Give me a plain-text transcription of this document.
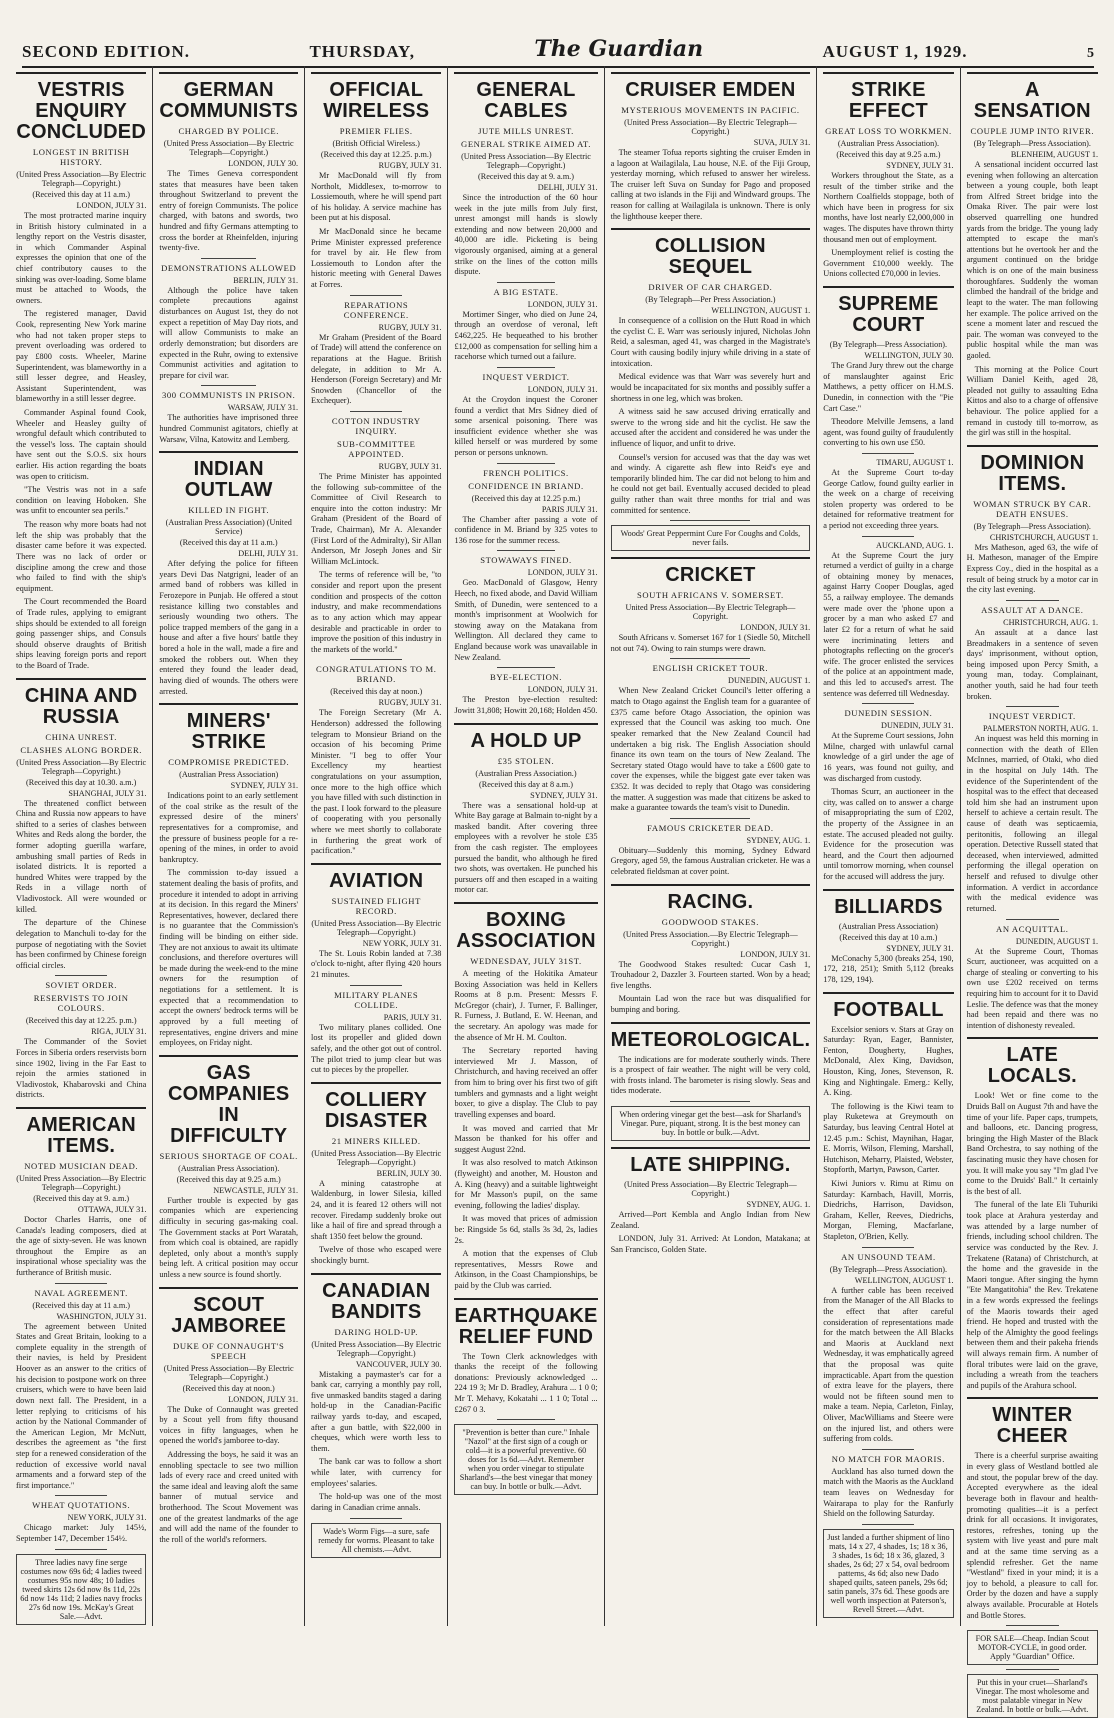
SECOND EDITION.	THURSDAY,	The Guardian	AUGUST 1, 1929.	5
VESTRIS ENQUIRY CONCLUDED
LONGEST IN BRITISH HISTORY.
(United Press Association—By Electric Telegraph—Copyright.)
(Received this day at 11 a.m.)
LONDON, JULY 31.

The most protracted marine inquiry in British history culminated in a lengthy report on the Vestris disaster, in which Commander Aspinal expresses the opinion that one of the chief contributory causes to the sinking was over-loading. Some blame must be attached to Woods, the owners.

The registered manager, David Cook, representing New York marine who had not taken proper steps to prevent overloading was ordered to pay £800 costs. Wheeler, Marine Superintendent, was blameworthy in a still lesser degree, and Heasley, Assistant Superintendent, was blameworthy in a still lesser degree.

Commander Aspinal found Cook, Wheeler and Heasley guilty of wrongful default which contributed to the vessel's loss. The captain should have sent out the S.O.S. six hours earlier. His action regarding the boats was open to criticism.

"The Vestris was not in a safe condition on leaving Hoboken. She was unfit to encounter sea perils."

The reason why more boats had not left the ship was probably that the disaster came before it was expected. There was no lack of order or discipline among the crew and those who failed to find with the ship's equipment.

The Court recommended the Board of Trade rules, applying to emigrant ships should be extended to all foreign going passenger ships, and Consuls should observe draughts of British ships leaving foreign ports and report to the Board of Trade.

CHINA AND RUSSIA
CHINA UNREST.
CLASHES ALONG BORDER.
(United Press Association—By Electric Telegraph—Copyright.)
(Received this day at 10.30. a.m.)
SHANGHAI, JULY 31.

The threatened conflict between China and Russia now appears to have shifted to a series of clashes between Whites and Reds along the border, the former adopting guerilla warfare, ambushing small parties of Reds in isolated districts. It is reported a hundred Whites were trapped by the Reds in a village north of Vladivostock. All were wounded or killed.

The departure of the Chinese delegation to Manchuli to-day for the purpose of negotiating with the Soviet has been confirmed by Chinese foreign official circles.

SOVIET ORDER.
RESERVISTS TO JOIN COLOURS.
(Received this day at 12.25. p.m.)
RIGA, JULY 31.

The Commander of the Soviet Forces in Siberia orders reservists born since 1902, living in the Far East to rejoin the armies stationed in Vladivostok, Khabarovski and China districts.

AMERICAN ITEMS.
NOTED MUSICIAN DEAD.
(United Press Association—By Electric Telegraph—Copyright.)
(Received this day at 9. a.m.)
OTTAWA, JULY 31.

Doctor Charles Harris, one of Canada's leading composers, died at the age of sixty-seven. He was known throughout the Empire as an inspirational whose speciality was the furtherance of British music.

NAVAL AGREEMENT.
(Received this day at 11 a.m.)
WASHINGTON, JULY 31.

The agreement between United States and Great Britain, looking to a complete equality in the strength of their navies, is held by President Hoover as an answer to the critics of his decision to postpone work on three cruisers, which were to have been laid down next fall. The President, in a letter replying to criticisms of his action by the National Commander of the American Legion, Mr McNutt, describes the agreement as "the first step for a renewed consideration of the reduction of excessive world naval armaments and a forward step of the first importance."

WHEAT QUOTATIONS.
NEW YORK, JULY 31.

Chicago market: July 145½, September 147, December 154½.

Three ladies navy fine serge costumes now 69s 6d; 4 ladies tweed costumes 95s now 48s; 10 ladies tweed skirts 12s 6d now 8s 11d, 22s 6d now 14s 11d; 2 ladies navy frocks 27s 6d now 19s. McKay's Great Sale.—Advt.
GERMAN COMMUNISTS
CHARGED BY POLICE.
(United Press Association—By Electric Telegraph—Copyright.)
LONDON, JULY 30.

The Times Geneva correspondent states that measures have been taken throughout Switzerland to prevent the entry of foreign Communists. The police charged, with batons and swords, two hundred and fifty Germans attempting to cross the border at Rheinfelden, injuring twenty-five.

DEMONSTRATIONS ALLOWED
BERLIN, JULY 31.

Although the police have taken complete precautions against disturbances on August 1st, they do not expect a repetition of May Day riots, and will allow Communists to make an orderly demonstration; but disorders are expected in the Ruhr, owing to extensive Communist activities and agitation to prepare for civil war.

300 COMMUNISTS IN PRISON.
WARSAW, JULY 31.

The authorities have imprisoned three hundred Communist agitators, chiefly at Warsaw, Vilna, Katowitz and Lemberg.

INDIAN OUTLAW
KILLED IN FIGHT.
(Australian Press Association) (United Service)
(Received this day at 11 a.m.)
DELHI, JULY 31.

After defying the police for fifteen years Devi Das Natgrigni, leader of an armed band of robbers was killed in Ferozepore in Punjab. He offered a stout resistance killing two constables and seriously wounding two others. The police trapped members of the gang in a house and after a five hours' battle they bored a hole in the wall, made a fire and smoked the robbers out. When they entered they found the leader dead, having died of wounds. The others were arrested.

MINERS' STRIKE
COMPROMISE PREDICTED.
(Australian Press Association)
SYDNEY, JULY 31.

Indications point to an early settlement of the coal strike as the result of the expressed desire of the miners' representatives for a compromise, and the pressure of business people for a re-opening of the mines, in order to avoid bankruptcy.

The commission to-day issued a statement dealing the basis of profits, and procedure it intended to adopt in arriving at its decision. In this regard the Miners' Representatives, however, declared there is no guarantee that the Commission's finding will be binding on either side. They are not anxious to await its ultimate conclusions, and therefore overtures will be made during the week-end to the mine owners for the resumption of negotiations for a settlement. It is expected that a recommendation to accept the owners' bedrock terms will be approved by a full meeting of representatives, engine drivers and mine employees, on Friday night.

GAS COMPANIES IN DIFFICULTY
SERIOUS SHORTAGE OF COAL.
(Australian Press Association).
(Received this day at 9.25 a.m.)
NEWCASTLE, JULY 31.

Further trouble is expected by gas companies which are experiencing difficulty in securing gas-making coal. The Government stacks at Port Waratah, from which coal is obtained, are rapidly depleted, only about a month's supply being left. A critical position may occur unless a new source is found shortly.

SCOUT JAMBOREE
DUKE OF CONNAUGHT'S SPEECH
(United Press Association—By Electric Telegraph—Copyright.)
(Received this day at noon.)
LONDON, JULY 31.

The Duke of Connaught was greeted by a Scout yell from fifty thousand voices in fifty languages, when he opened the world's jamboree to-day.

Addressing the boys, he said it was an ennobling spectacle to see two million lads of every race and creed united with the same ideal and leaving aloft the same banner of mutual service and brotherhood. The Scout Movement was one of the greatest landmarks of the age and will add the name of the founder to the roll of the world's reformers.

OFFICIAL WIRELESS
PREMIER FLIES.
(British Official Wireless.)
(Received this day at 12.25. p.m.)
RUGBY, JULY 31.

Mr MacDonald will fly from Northolt, Middlesex, to-morrow to Lossiemouth, where he will spend part of his holiday. A service machine has been put at his disposal.

Mr MacDonald since he became Prime Minister expressed preference for travel by air. He flew from Lossiemouth to London after the historic meeting with General Dawes at Forres.

REPARATIONS CONFERENCE.
RUGBY, JULY 31.

Mr Graham (President of the Board of Trade) will attend the conference on reparations at the Hague. British delegate, in addition to Mr A. Henderson (Foreign Secretary) and Mr Snowden (Chancellor of the Exchequer).

COTTON INDUSTRY INQUIRY.
SUB-COMMITTEE APPOINTED.
RUGBY, JULY 31.

The Prime Minister has appointed the following sub-committee of the Committee of Civil Research to enquire into the cotton industry: Mr Graham (President of the Board of Trade, Chairman), Mr A. Alexander (First Lord of the Admiralty), Sir Allan Anderson, Mr Joseph Jones and Sir William McLintock.

The terms of reference will be, "to consider and report upon the present condition and prospects of the cotton industry, and make recommendations as to any action which may appear desirable and practicable in order to improve the position of this industry in the markets of the world."

CONGRATULATIONS TO M. BRIAND.
(Received this day at noon.)
RUGBY, JULY 31.

The Foreign Secretary (Mr A. Henderson) addressed the following telegram to Monsieur Briand on the occasion of his becoming Prime Minister. "I beg to offer Your Excellency my heartiest congratulations on your assumption, once more to the high office which you have filled with such distinction in the past. I look forward to the pleasure of cooperating with you personally where we meet shortly to collaborate in furthering the great work of pacification."

AVIATION
SUSTAINED FLIGHT RECORD.
(United Press Association—By Electric Telegraph—Copyright.)
NEW YORK, JULY 31.

The St. Louis Robin landed at 7.38 o'clock to-night, after flying 420 hours 21 minutes.

MILITARY PLANES COLLIDE.
PARIS, JULY 31.

Two military planes collided. One lost its propeller and glided down safely, and the other got out of control. The pilot tried to jump clear but was cut to pieces by the propeller.

COLLIERY DISASTER
21 MINERS KILLED.
(United Press Association—By Electric Telegraph—Copyright.)
BERLIN, JULY 30.

A mining catastrophe at Waldenburg, in lower Silesia, killed 24, and it is feared 12 others will not recover. Firedamp suddenly broke out like a hail of fire and spread through a shaft 1350 feet below the ground.

Twelve of those who escaped were shockingly burnt.

CANADIAN BANDITS
DARING HOLD-UP.
(United Press Association—By Electric Telegraph—Copyright.)
VANCOUVER, JULY 30.

Mistaking a paymaster's car for a bank car, carrying a monthly pay roll, five unmasked bandits staged a daring hold-up in the Canadian-Pacific railway yards to-day, and escaped, after a gun battle, with $22,000 in cheques, which were worth less to them.

The bank car was to follow a short while later, with currency for employees' salaries.

The hold-up was one of the most daring in Canadian crime annals.

Wade's Worm Figs—a sure, safe remedy for worms. Pleasant to take All chemists.—Advt.
GENERAL CABLES
JUTE MILLS UNREST.
GENERAL STRIKE AIMED AT.
(United Press Association—By Electric Telegraph—Copyright.)
(Received this day at 9. a.m.)
DELHI, JULY 31.

Since the introduction of the 60 hour week in the jute mills from July first, unrest amongst mill hands is slowly extending and now between 20,000 and 40,000 are idle. Picketing is being vigorously organised, aiming at a general strike on the lines of the cotton mills dispute.

A BIG ESTATE.
LONDON, JULY 31.

Mortimer Singer, who died on June 24, through an overdose of veronal, left £462,225. He bequeathed to his brother £12,000 as compensation for selling him a racehorse which turned out a failure.

INQUEST VERDICT.
LONDON, JULY 31.

At the Croydon inquest the Coroner found a verdict that Mrs Sidney died of some arsenical poisoning. There was insufficient evidence whether she was killed herself or was murdered by some person or persons unknown.

FRENCH POLITICS.
CONFIDENCE IN BRIAND.
(Received this day at 12.25 p.m.)
PARIS JULY 31.

The Chamber after passing a vote of confidence in M. Briand by 325 votes to 136 rose for the summer recess.

STOWAWAYS FINED.
LONDON, JULY 31.

Geo. MacDonald of Glasgow, Henry Heech, no fixed abode, and David William Smith, of Dunedin, were sentenced to a month's imprisonment at Woolwich for stowing away on the Matakana from Wellington. All declared they came to England because work was unavailable in New Zealand.

BYE-ELECTION.
LONDON, JULY 31.

The Preston bye-election resulted: Jowitt 31,808; Howitt 20,168; Holden 450.

A HOLD UP
£35 STOLEN.
(Australian Press Association.)
(Received this day at 8 a.m.)
SYDNEY, JULY 31.

There was a sensational hold-up at White Bay garage at Balmain to-night by a masked bandit. After covering three employees with a revolver he stole £35 from the cash register. The employees pursued the bandit, who although he fired two shots, was overtaken. He punched his pursuers off and then escaped in a waiting motor car.

BOXING ASSOCIATION
WEDNESDAY, JULY 31ST.

A meeting of the Hokitika Amateur Boxing Association was held in Kellers Rooms at 8 p.m. Present: Messrs F. McGregor (chair), J. Turner, F. Ballinger, R. Furness, J. Butland, E. W. Heenan, and the secretary. An apology was made for the absence of Mr H. M. Coulton.

The Secretary reported having interviewed Mr J. Masson, of Christchurch, and having received an offer from him to bring over his first two of gift tumblers and gymnasts and a light weight boxer, to give a display. The Club to pay travelling expenses and board.

It was moved and carried that Mr Masson be thanked for his offer and suggest August 22nd.

It was also resolved to match Atkinson (flyweight) and another, M. Houston and A. King (heavy) and a suitable lightweight for Mr Masson's pupil, on the same evening, following the ladies' display.

It was moved that prices of admission be: Ringside 5s 6d, stalls 3s 3d, 2s, ladies 2s.

A motion that the expenses of Club representatives, Messrs Rowe and Atkinson, in the Coast Championships, be paid by the Club was carried.

EARTHQUAKE RELIEF FUND

The Town Clerk acknowledges with thanks the receipt of the following donations: Previously acknowledged ... 224 19 3; Mr D. Bradley, Arahura ... 1 0 0; Mr T. Mehavy, Kokatahi ... 1 1 0; Total ... £267 0 3.

"Prevention is better than cure." Inhale "Nazol" at the first sign of a cough or cold—it is a powerful preventive. 60 doses for 1s 6d.—Advt. Remember when you order vinegar to stipulate Sharland's—the best vinegar that money can buy. In bottle or bulk.—Advt.
CRUISER EMDEN
MYSTERIOUS MOVEMENTS IN PACIFIC.
(United Press Association—By Electric Telegraph—Copyright.)
SUVA, JULY 31.

The steamer Tofua reports sighting the cruiser Emden in a lagoon at Wailagilala, Lau house, N.E. of the Fiji Group, yesterday morning, which refused to answer her wireless. The cruiser left Suva on Sunday for Pago and proposed calling at two islands in the Fiji and Windward groups. The reason for calling at Wailagilala is unknown. There is only the lighthouse keeper there.

COLLISION SEQUEL
DRIVER OF CAR CHARGED.
(By Telegraph—Per Press Association.)
WELLINGTON, AUGUST 1.

In consequence of a collision on the Hutt Road in which the cyclist C. E. Warr was seriously injured, Nicholas John Reid, a salesman, aged 41, was charged in the Magistrate's Court with causing bodily injury while driving in a state of intoxication.

Medical evidence was that Warr was severely hurt and would be incapacitated for six months and possibly suffer a shortness in one leg, which was broken.

A witness said he saw accused driving erratically and swerve to the wrong side and hit the cyclist. He saw the accused after the accident and considered he was under the influence of liquor, and unfit to drive.

Counsel's version for accused was that the day was wet and windy. A cigarette ash flew into Reid's eye and temporarily blinded him. The car did not belong to him and he could not get bail. Eventually accused decided to plead guilty rather than wait three months for trial and was committed for sentence.

Woods' Great Peppermint Cure For Coughs and Colds, never fails.
CRICKET
SOUTH AFRICANS V. SOMERSET.
United Press Association—By Electric Telegraph—Copyright.
LONDON, JULY 31.

South Africans v. Somerset 167 for 1 (Siedle 50, Mitchell not out 74). Owing to rain stumps were drawn.

ENGLISH CRICKET TOUR.
DUNEDIN, AUGUST 1.

When New Zealand Cricket Council's letter offering a match to Otago against the English team for a guarantee of £375 came before Otago Association, the opinion was expressed that the Council was asking too much. One speaker remarked that the New Zealand Council had undertaken a big risk. The English Association should finance its own team on the tours of New Zealand. The Secretary stated Otago would have to take a £600 gate to cover the expenses, while the biggest gate ever taken was £352. It was decided to reply that Otago was considering the matter. A suggestion was made that citizens be asked to make a guarantee towards the team's visit to Dunedin.

FAMOUS CRICKETER DEAD.
SYDNEY, AUG. 1.

Obituary—Suddenly this morning, Sydney Edward Gregory, aged 59, the famous Australian cricketer. He was a celebrated fieldsman at cover point.

RACING.
GOODWOOD STAKES.
(United Press Association.—By Electric Telegraph—Copyright.)
LONDON, JULY 31.

The Goodwood Stakes resulted: Cucar Cash 1, Trouhadour 2, Dazzler 3. Fourteen started. Won by a head; five lengths.

Mountain Lad won the race but was disqualified for bumping and boring.

METEOROLOGICAL.

The indications are for moderate southerly winds. There is a prospect of fair weather. The night will be very cold, with frosts inland. The barometer is rising slowly. Seas and tides moderate.

When ordering vinegar get the best—ask for Sharland's Vinegar. Pure, piquant, strong. It is the best money can buy. In bottle or bulk.—Advt.
LATE SHIPPING.
(United Press Association—By Electric Telegraph—Copyright.)
SYDNEY, AUG. 1.

Arrived—Port Kembla and Anglo Indian from New Zealand.

LONDON, July 31. Arrived: At London, Matakana; at San Francisco, Golden State.

STRIKE EFFECT
GREAT LOSS TO WORKMEN.
(Australian Press Association).
(Received this day at 9.25 a.m.)
SYDNEY, JULY 31.

Workers throughout the State, as a result of the timber strike and the Northern Coalfields stoppage, both of which have been in progress for six months, have lost nearly £2,000,000 in wages. The disputes have thrown thirty thousand men out of employment.

Unemployment relief is costing the Government £10,000 weekly. The Unions collected £70,000 in levies.

SUPREME COURT
(By Telegraph—Press Association).
WELLINGTON, JULY 30.

The Grand Jury threw out the charge of manslaughter against Eric Matthews, a petty officer on H.M.S. Dunedin, in connection with the "Pie Cart Case."

Theodore Melville Jemsens, a land agent, was found guilty of fraudulently converting to his own use £50.

TIMARU, AUGUST 1.

At the Supreme Court to-day George Catlow, found guilty earlier in the week on a charge of receiving stolen property was ordered to be detained for reformative treatment for a period not exceeding three years.

AUCKLAND, AUG. 1.

At the Supreme Court the jury returned a verdict of guilty in a charge of obtaining money by menaces, against Harry Cooper Douglas, aged 55, a railway employee. The demands were made over the 'phone upon a grocer by a man who asked £7 and later £2 for a return of what he said were incriminating letters and photographs reflecting on the grocer's wife. The grocer enlisted the services of the police at an appointment made, and this led to accused's arrest. The sentence was deferred till Wednesday.

DUNEDIN SESSION.
DUNEDIN, JULY 31.

At the Supreme Court sessions, John Milne, charged with unlawful carnal knowledge of a girl under the age of 16 years, was found not guilty, and was discharged from custody.

Thomas Scurr, an auctioneer in the city, was called on to answer a charge of misappropriating the sum of £202, the property of the Assignee in an estate. The accused pleaded not guilty. Evidence for the prosecution was heard, and the Court then adjourned until tomorrow morning, when counsel for the accused will address the jury.

BILLIARDS
(Australian Press Association)
(Received this day at 10 a.m.)
SYDNEY, JULY 31.

McConachy 5,300 (breaks 254, 190, 172, 218, 251); Smith 5,112 (breaks 178, 129, 194).

FOOTBALL

Excelsior seniors v. Stars at Gray on Saturday: Ryan, Eager, Bannister, Fenton, Dougherty, Hughes, McDonald, Alex King, Davidson, Houston, King, Jones, Stevenson, R. King and Nightingale. Emerg.: Kelly, A. King.

The following is the Kiwi team to play Ruketewa at Greymouth on Saturday, bus leaving Central Hotel at 12.45 p.m.: Schist, Maynihan, Hagar, E. Morris, Wilson, Fleming, Marshall, Hutchison, Meharry, Plaisted, Webster, Stopforth, Martyn, Pawson, Carter.

Kiwi Juniors v. Rimu at Rimu on Saturday: Karnbach, Havill, Morris, Diedrichs, Harrison, Davidson, Graham, Keller, Reeves, Diedrichs, Morgan, Fleming, Macfarlane, Stapleton, O'Brien, Kelly.

AN UNSOUND TEAM.
(By Telegraph—Press Association).
WELLINGTON, AUGUST 1.

A further cable has been received from the Manager of the All Blacks to the effect that after careful consideration of representations made for the match between the All Blacks and Maoris at Auckland next Wednesday, it was emphatically agreed that the proposal was quite impracticable. Apart from the question of extra leave for the players, there would not be fifteen sound men to make a team. Nepia, Carleton, Finlay, Oliver, MacWilliams and Steere were on the injured list, and others were suffering from colds.

NO MATCH FOR MAORIS.

Auckland has also turned down the match with the Maoris as the Auckland team leaves on Wednesday for Wairarapa to play for the Ranfurly Shield on the following Saturday.

Just landed a further shipment of lino mats, 14 x 27, 4 shades, 1s; 18 x 36, 3 shades, 1s 6d; 18 x 36, glazed, 3 shades, 2s 6d; 27 x 54, oval bedroom patterns, 4s 6d; also new Dado shaped quilts, sateen panels, 29s 6d; satin panels, 37s 6d. These goods are well worth inspection at Paterson's, Revell Street.—Advt.
A SENSATION
COUPLE JUMP INTO RIVER.
(By Telegraph—Press Association).
BLENHEIM, AUGUST 1.

A sensational incident occurred last evening when following an altercation between a young couple, both leapt from Alfred Street bridge into the Omaka River. The pair were lost observed quarrelling one hundred yards from the bridge. The young lady attempted to escape the man's attentions but he overtook her and the argument continued on the bridge which is on one of the main business thoroughfares. Suddenly the woman climbed the handrail of the bridge and leapt to the water. The man following her example. The police arrived on the scene a moment later and rescued the pair. The woman was conveyed to the public hospital while the man was gaoled.

This morning at the Police Court William Daniel Keith, aged 28, pleaded not guilty to assaulting Edna Kittos and also to a charge of offensive behaviour. The police applied for a remand in custody till to-morrow, as the girl was still in the hospital.

DOMINION ITEMS.
WOMAN STRUCK BY CAR. DEATH ENSUES.
(By Telegraph—Press Association).
CHRISTCHURCH, AUGUST 1.

Mrs Matheson, aged 63, the wife of H. Matheson, manager of the Empire Express Coy., died in the hospital as a result of being struck by a motor car in the city last evening.

ASSAULT AT A DANCE.
CHRISTCHURCH, AUG. 1.

An assault at a dance last Breadmakers in a sentence of seven days' imprisonment, without option, being imposed upon Percy Smith, a young man, today. Complainant, another youth, said he had four teeth broken.

INQUEST VERDICT.
PALMERSTON NORTH, AUG. 1.

An inquest was held this morning in connection with the death of Ellen McInnes, married, of Otaki, who died in the hospital on July 14th. The evidence of the Superintendent of the hospital was to the effect that deceased told him she had an instrument upon herself to achieve a certain result. The cause of death was septicaemia, peritonitis, following an illegal operation. Detective Russell stated that deceased, when interviewed, admitted performing the illegal operation on herself and refused to divulge other information. A verdict in accordance with the medical evidence was returned.

AN ACQUITTAL.
DUNEDIN, AUGUST 1.

At the Supreme Court, Thomas Scurr, auctioneer, was acquitted on a charge of stealing or converting to his own use £202 received on terms requiring him to account for it to David Leslie. The defence was that the money had been repaid and there was no intention of dishonesty revealed.

LATE LOCALS.

Look! Wet or fine come to the Druids Ball on August 7th and have the time of your life. Paper caps, trumpets, and balloons, etc. Dancing progress, bringing the High Master of the Black Band Orchestra, to say nothing of the fascinating music they have chosen for you. It will make you say "I'm glad I've come to the Druids' Ball." It certainly is the best of all.

The funeral of the late Eli Tuhuriki took place at Arahura yesterday and was attended by a large number of friends, including school children. The service was conducted by the Rev. J. Trekatene (Ratana) of Christchurch, at the home and the graveside in the Maori tongue. After singing the hymn "Ete Mangatitohia" the Rev. Trekatene in a few words expressed the feelings of the Maoris towards their aged friend. He hoped and trusted with the help of the Almighty the good feelings between them and their pakeha friends will always remain firm. A number of floral tributes were laid on the grave, including a wreath from the teachers and pupils of the Arahura school.

WINTER CHEER

There is a cheerful surprise awaiting in every glass of Westland bottled ale and stout, the popular brew of the day. Accepted everywhere as the ideal beverage both in flavour and health-promoting qualities—it is a perfect drink for all occasions. It invigorates, restores, refreshes, toning up the system with live yeast and pure malt and at the same time serving as a splendid refresher. Get the name "Westland" fixed in your mind; it is a joy to behold, a pleasure to call for. Order by the dozen and have a supply always available. Procurable at Hotels and Bottle Stores.

FOR SALE—Cheap. Indian Scout MOTOR-CYCLE, in good order. Apply "Guardian" Office.
Put this in your cruet—Sharland's Vinegar. The most wholesome and most palatable vinegar in New Zealand. In bottle or bulk.—Advt.
